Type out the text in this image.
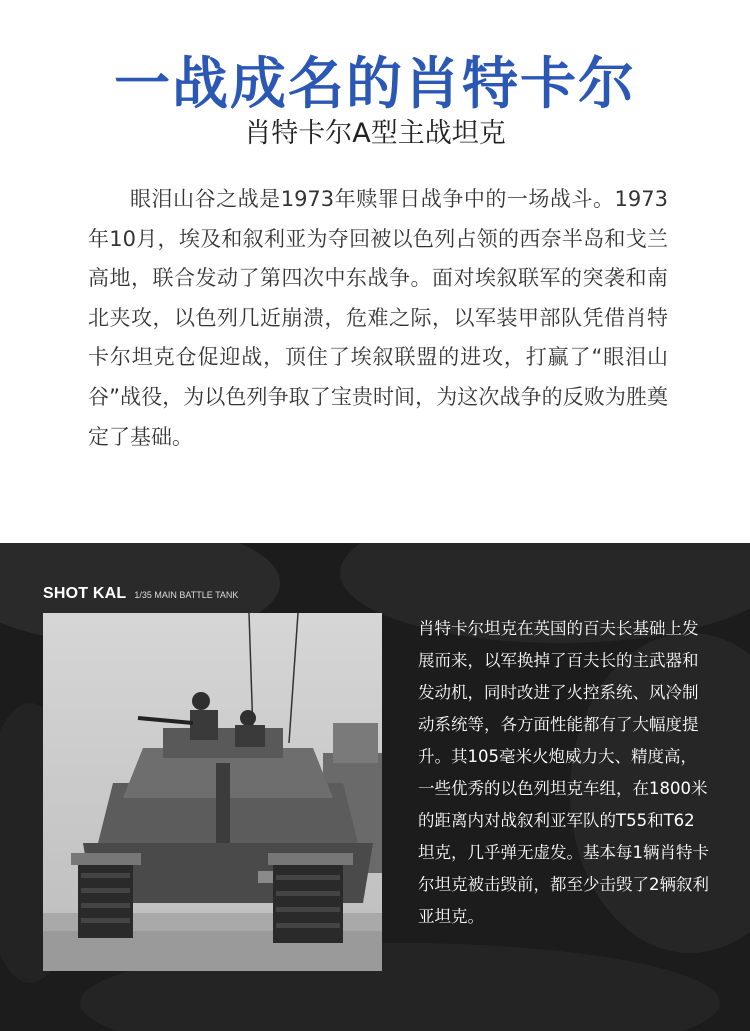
一战成名的肖特卡尔
肖特卡尔A型主战坦克

眼泪山谷之战是1973年赎罪日战争中的一场战斗。1973年10月，埃及和叙利亚为夺回被以色列占领的西奈半岛和戈兰高地，联合发动了第四次中东战争。面对埃叙联军的突袭和南北夹攻，以色列几近崩溃，危难之际，以军装甲部队凭借肖特卡尔坦克仓促迎战，顶住了埃叙联盟的进攻，打赢了“眼泪山谷”战役，为以色列争取了宝贵时间，为这次战争的反败为胜奠定了基础。

SHOT KAL 1/35 MAIN BATTLE TANK

肖特卡尔坦克在英国的百夫长基础上发展而来，以军换掉了百夫长的主武器和发动机，同时改进了火控系统、风冷制动系统等，各方面性能都有了大幅度提升。其105毫米火炮威力大、精度高，一些优秀的以色列坦克车组，在1800米的距离内对战叙利亚军队的T55和T62坦克，几乎弹无虚发。基本每1辆肖特卡尔坦克被击毁前，都至少击毁了2辆叙利亚坦克。
